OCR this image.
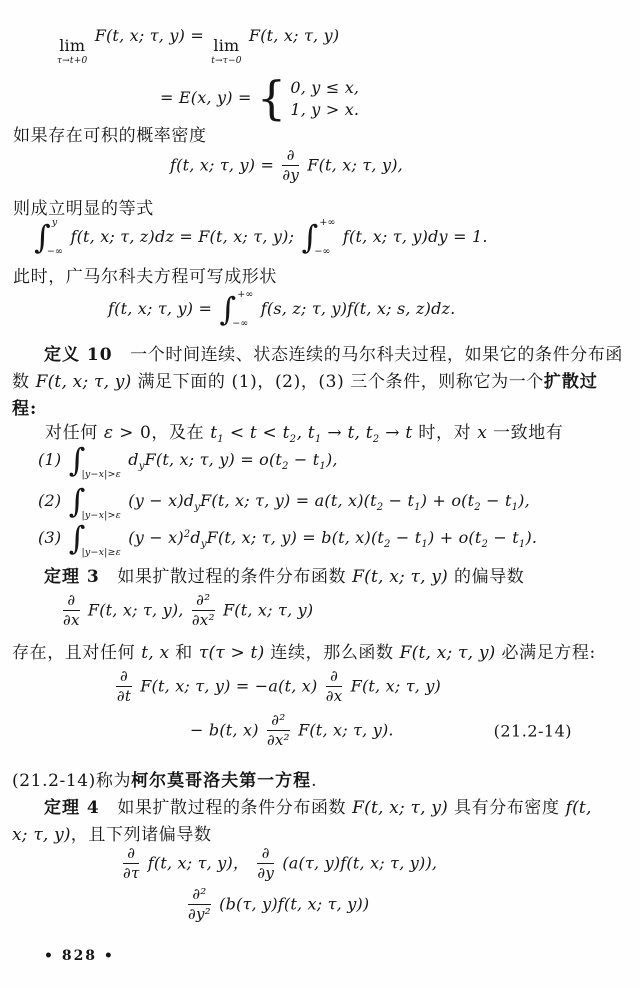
• 828 •
lim
τ→t+0
F(t, x; τ, y) =
lim
t→τ−0
F(t, x; τ, y)
= E(x, y) = { 0, y ≤ x,
1, y > x.
如果存在可积的概率密度
f(t, x; τ, $y) = \frac{\partial}{\partial y} F(t$, x; τ, y),
则成立明显的等式
∫ y
−∞
f(t, x; τ, z)dz = F(t, x; τ, y); ∫ +∞
−∞
f(t, x; τ, y)dy = 1.
此时，广马尔科夫方程可写成形状
f(t, x; τ, y) = ∫ +∞
−∞
f(s, z; τ, y)f(t, x; s, z)dz.
定义 10　一个时间连续、状态连续的马尔科夫过程，如果它的条件分布函
数 F(t, x; τ, y) 满足下面的 (1)，(2)，(3) 三个条件，则称它为一个扩散过
程:
对任何 ε > 0，及在 $t_1 < t < t_2$, $t_1 \to t$, $t_2 \to t$ 时，对 x 一致地有
(1) ∫
|y−x|>ε
$d_yF(t$, x; τ, $y) = o(t_2 - t_1)$,
(2) ∫
|y−x|>ε
$(y - x)d_yF(t$, x; τ, y) = a(t, $x)(t_2 - t_1) + o(t_2 - t_1)$,
(3) ∫
|y−x|≥ε
$(y - x)^2d_yF(t$, x; τ, y) = b(t, $x)(t_2 - t_1) + o(t_2 - t_1)$.
定理 3　如果扩散过程的条件分布函数 F(t, x; τ, y) 的偏导数
$\frac{\partial}{\partial x} F(t$, x; τ, y), $\frac{\text{∂²}}{\text{∂x²}} F(t$, x; τ, y)
存在，且对任何 t, x 和 τ(τ > t) 连续，那么函数 F(t, x; τ, y) 必满足方程:
$\frac{\partial}{\partial t} F(t$, x; τ, y) = −a(t, $x) \frac{\partial}{\partial x} F(t$, x; τ, y)
− b(t, $x) \frac{\text{∂²}}{\text{∂x²}} F(t$, x; τ, y).	(21.2-14)
(21.2-14)称为柯尔莫哥洛夫第一方程.
定理 4　如果扩散过程的条件分布函数 F(t, x; τ, y) 具有分布密度 f(t,
x; τ, y)，且下列诸偏导数
$\frac{\partial}{\partial\tau} f(t$, x; τ, y)， $\frac{\partial}{\partial y} (a(\tau$, y)f(t, x; τ, y)),
$\frac{\text{∂²}}{\text{∂y²}} (b(\tau$, y)f(t, x; τ, y))
